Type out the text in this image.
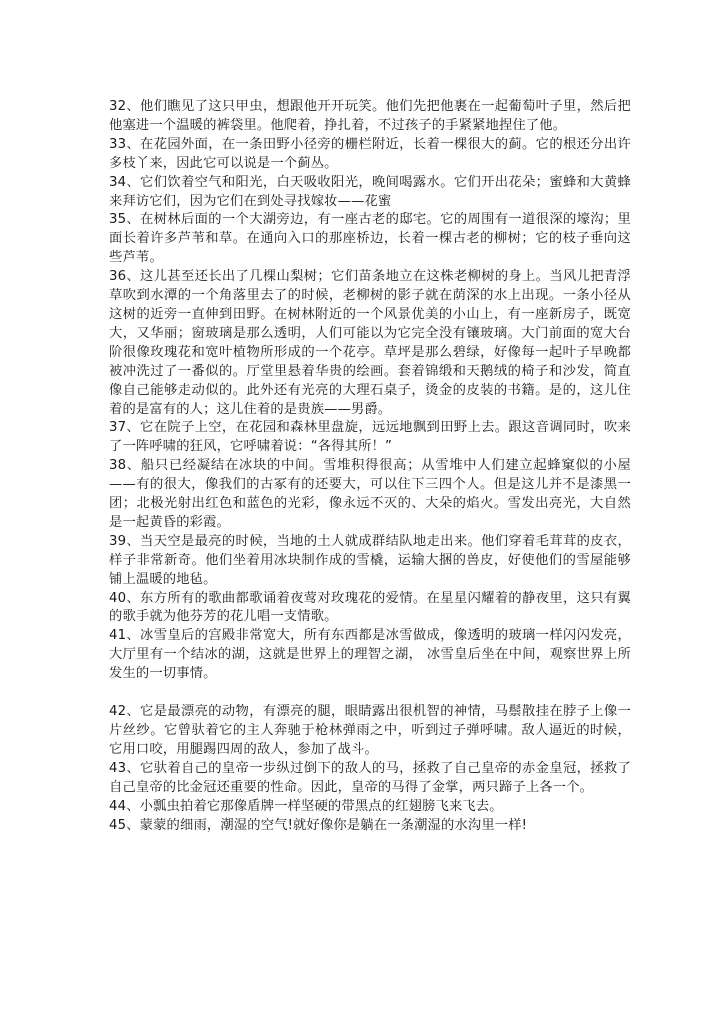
32、他们瞧见了这只甲虫，想跟他开开玩笑。他们先把他裹在一起葡萄叶子里，然后把他塞进一个温暖的裤袋里。他爬着，挣扎着，不过孩子的手紧紧地捏住了他。

33、在花园外面，在一条田野小径旁的栅栏附近，长着一棵很大的蓟。它的根还分出许多枝丫来，因此它可以说是一个蓟丛。

34、它们饮着空气和阳光，白天吸收阳光，晚间喝露水。它们开出花朵；蜜蜂和大黄蜂来拜访它们，因为它们在到处寻找嫁妆——花蜜

35、在树林后面的一个大湖旁边，有一座古老的邸宅。它的周围有一道很深的壕沟；里面长着许多芦苇和草。在通向入口的那座桥边，长着一棵古老的柳树；它的枝子垂向这些芦苇。

36、这儿甚至还长出了几棵山梨树；它们苗条地立在这株老柳树的身上。当风儿把青浮草吹到水潭的一个角落里去了的时候，老柳树的影子就在荫深的水上出现。一条小径从这树的近旁一直伸到田野。在树林附近的一个风景优美的小山上，有一座新房子，既宽大，又华丽；窗玻璃是那么透明，人们可能以为它完全没有镶玻璃。大门前面的宽大台阶很像玫瑰花和宽叶植物所形成的一个花亭。草坪是那么碧绿，好像每一起叶子早晚都被冲洗过了一番似的。厅堂里悬着华贵的绘画。套着锦缎和天鹅绒的椅子和沙发，简直像自己能够走动似的。此外还有光亮的大理石桌子，烫金的皮装的书籍。是的，这儿住着的是富有的人；这儿住着的是贵族——男爵。

37、它在院子上空，在花园和森林里盘旋，远远地飘到田野上去。跟这音调同时，吹来了一阵呼啸的狂风，它呼啸着说：“各得其所！”

38、船只已经凝结在冰块的中间。雪堆积得很高；从雪堆中人们建立起蜂窠似的小屋——有的很大，像我们的古冢有的还要大，可以住下三四个人。但是这儿并不是漆黑一团；北极光射出红色和蓝色的光彩，像永远不灭的、大朵的焰火。雪发出亮光，大自然是一起黄昏的彩霞。

39、当天空是最亮的时候，当地的土人就成群结队地走出来。他们穿着毛茸茸的皮衣，样子非常新奇。他们坐着用冰块制作成的雪橇，运输大捆的兽皮，好使他们的雪屋能够铺上温暖的地毡。

40、东方所有的歌曲都歌诵着夜莺对玫瑰花的爱情。在星星闪耀着的静夜里，这只有翼的歌手就为他芬芳的花儿唱一支情歌。

41、冰雪皇后的宫殿非常宽大，所有东西都是冰雪做成，像透明的玻璃一样闪闪发亮，大厅里有一个结冰的湖，这就是世界上的理智之湖， 冰雪皇后坐在中间，观察世界上所发生的一切事情。

42、它是最漂亮的动物，有漂亮的腿，眼睛露出很机智的神情，马鬃散挂在脖子上像一片丝纱。它曾驮着它的主人奔驰于枪林弹雨之中，听到过子弹呼啸。敌人逼近的时候，它用口咬，用腿踢四周的敌人，参加了战斗。

43、它驮着自己的皇帝一步纵过倒下的敌人的马，拯救了自己皇帝的赤金皇冠，拯救了自己皇帝的比金冠还重要的性命。因此，皇帝的马得了金掌，两只蹄子上各一个。

44、小瓢虫拍着它那像盾牌一样坚硬的带黑点的红翅膀飞来飞去。

45、蒙蒙的细雨，潮湿的空气!就好像你是躺在一条潮湿的水沟里一样!
